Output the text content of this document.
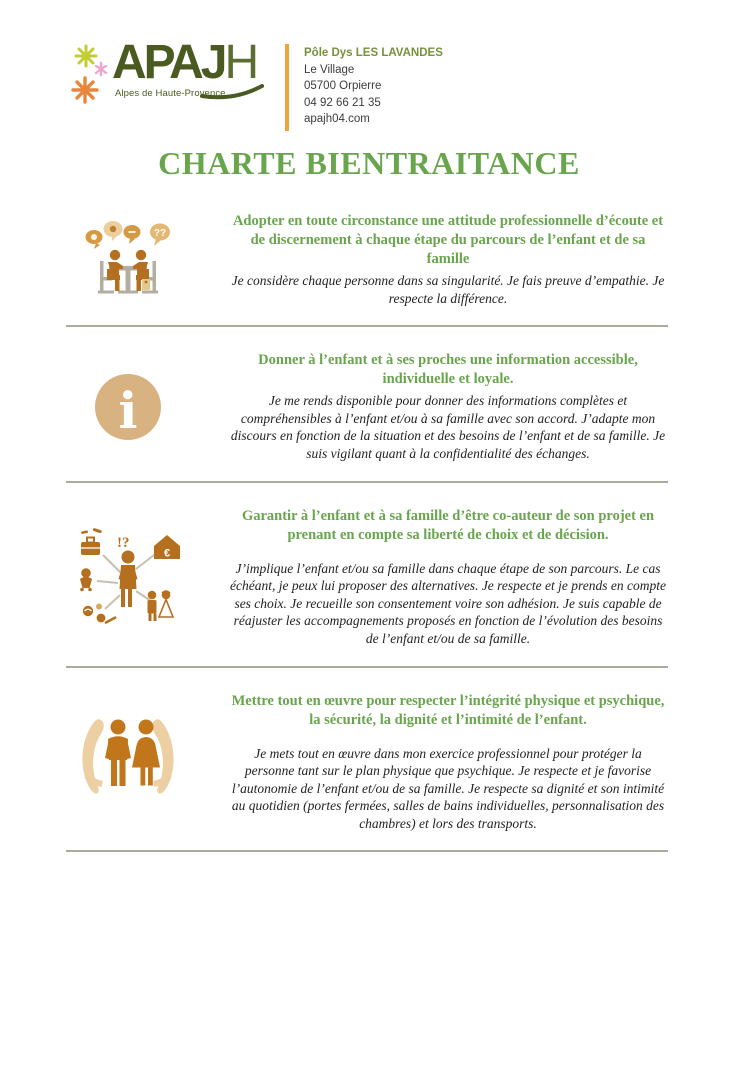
APAJH
Alpes de Haute-Provence
Pôle Dys LES LAVANDES
Le Village
05700 Orpierre
04 92 66 21 35
apajh04.com
CHARTE BIENTRAITANCE
??
Adopter en toute circonstance une attitude professionnelle d’écoute et de discernement à chaque étape du parcours de l’enfant et de sa famille
Je considère chaque personne dans sa singularité. Je fais preuve d’empathie. Je respecte la différence.
i
Donner à l’enfant et à ses proches une information accessible, individuelle et loyale.
Je me rends disponible pour donner des informations complètes et compréhensibles à l’enfant et/ou à sa famille avec son accord. J’adapte mon discours en fonction de la situation et des besoins de l’enfant et de sa famille. Je suis vigilant quant à la confidentialité des échanges.
!?
€
Garantir à l’enfant et à sa famille d’être co-auteur de son projet en prenant en compte sa liberté de choix et de décision.
J’implique l’enfant et/ou sa famille dans chaque étape de son parcours. Le cas échéant, je peux lui proposer des alternatives. Je respecte et je prends en compte ses choix. Je recueille son consentement voire son adhésion. Je suis capable de réajuster les accompagnements proposés en fonction de l’évolution des besoins de l’enfant et/ou de sa famille.
Mettre tout en œuvre pour respecter l’intégrité physique et psychique, la sécurité, la dignité et l’intimité de l’enfant.
Je mets tout en œuvre dans mon exercice professionnel pour protéger la personne tant sur le plan physique que psychique. Je respecte et je favorise l’autonomie de l’enfant et/ou de sa famille. Je respecte sa dignité et son intimité au quotidien (portes fermées, salles de bains individuelles, personnalisation des chambres) et lors des transports.
